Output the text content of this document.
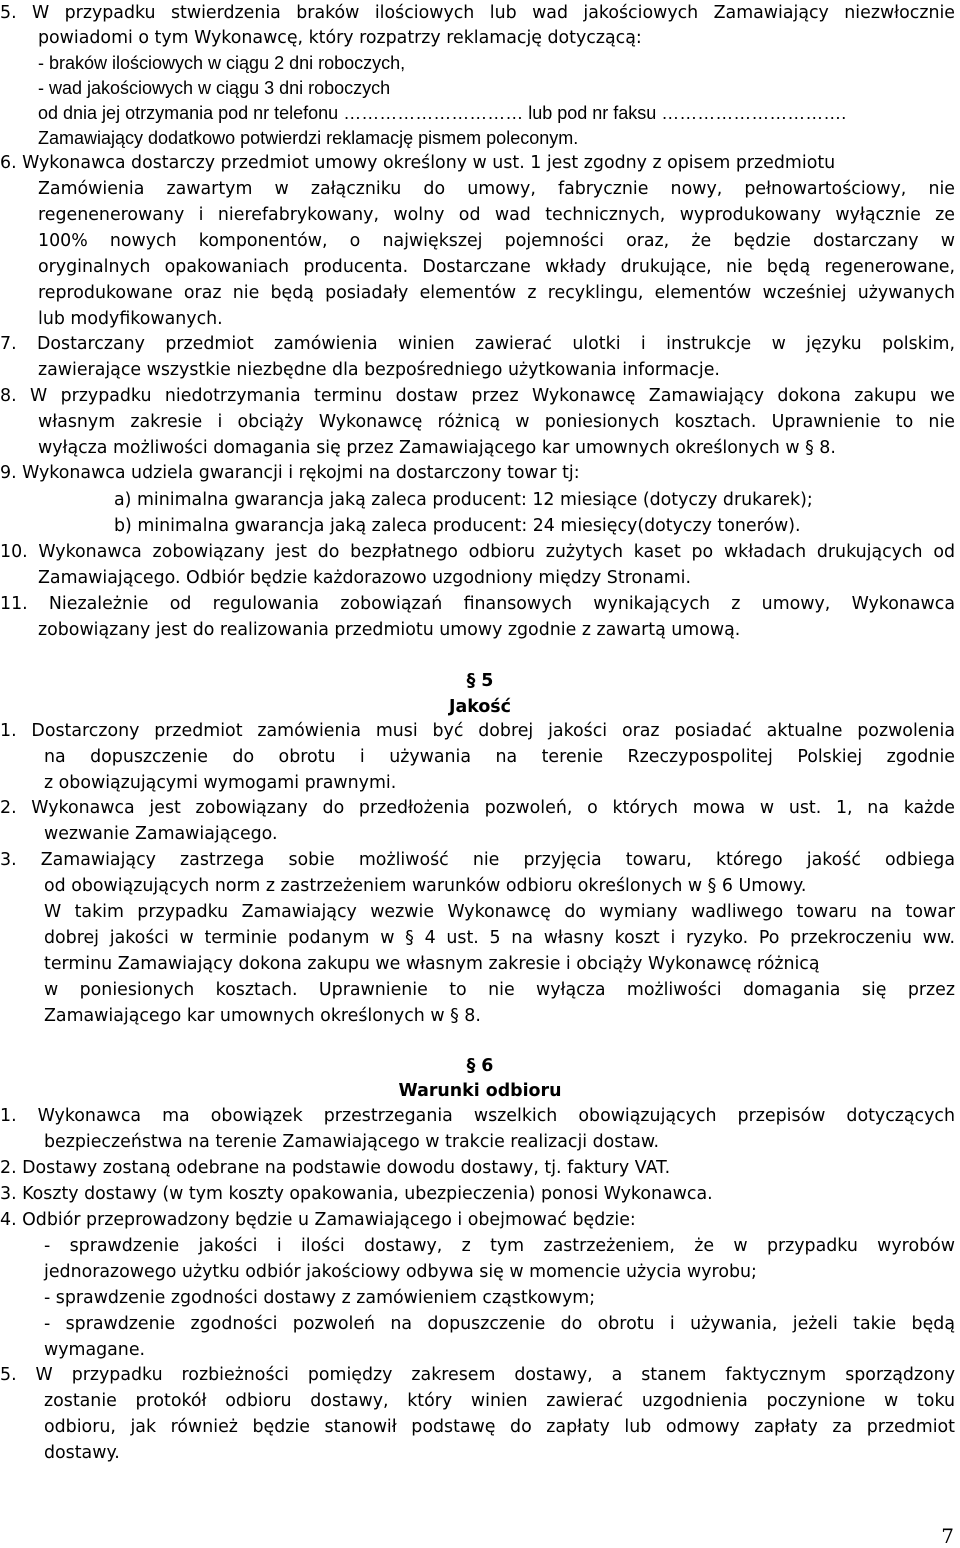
5. W przypadku stwierdzenia braków ilościowych lub wad jakościowych Zamawiający niezwłocznie
powiadomi o tym Wykonawcę, który rozpatrzy reklamację dotyczącą:
- braków ilościowych w ciągu 2 dni roboczych,
- wad jakościowych w ciągu 3 dni roboczych
od dnia jej otrzymania pod nr telefonu ………………………… lub pod nr faksu ………………………….
Zamawiający dodatkowo potwierdzi reklamację pismem poleconym.
6. Wykonawca dostarczy przedmiot umowy określony w ust. 1 jest zgodny z opisem przedmiotu
Zamówienia zawartym w załączniku do umowy, fabrycznie nowy, pełnowartościowy, nie
regenenerowany i nierefabrykowany, wolny od wad technicznych, wyprodukowany wyłącznie ze
100% nowych komponentów, o największej pojemności oraz, że będzie dostarczany w
oryginalnych opakowaniach producenta. Dostarczane wkłady drukujące, nie będą regenerowane,
reprodukowane oraz nie będą posiadały elementów z recyklingu, elementów wcześniej używanych
lub modyfikowanych.
7. Dostarczany przedmiot zamówienia winien zawierać ulotki i instrukcje w języku polskim,
zawierające wszystkie niezbędne dla bezpośredniego użytkowania informacje.
8. W przypadku niedotrzymania terminu dostaw przez Wykonawcę Zamawiający dokona zakupu we
własnym zakresie i obciąży Wykonawcę różnicą w poniesionych kosztach. Uprawnienie to nie
wyłącza możliwości domagania się przez Zamawiającego kar umownych określonych w § 8.
9. Wykonawca udziela gwarancji i rękojmi na dostarczony towar tj:
a) minimalna gwarancja jaką zaleca producent: 12 miesiące (dotyczy drukarek);
b) minimalna gwarancja jaką zaleca producent: 24 miesięcy(dotyczy tonerów).
10. Wykonawca zobowiązany jest do bezpłatnego odbioru zużytych kaset po wkładach drukujących od
Zamawiającego. Odbiór będzie każdorazowo uzgodniony między Stronami.
11. Niezależnie od regulowania zobowiązań finansowych wynikających z umowy, Wykonawca
zobowiązany jest do realizowania przedmiotu umowy zgodnie z zawartą umową.
§ 5
Jakość
1. Dostarczony przedmiot zamówienia musi być dobrej jakości oraz posiadać aktualne pozwolenia
na dopuszczenie do obrotu i używania na terenie Rzeczypospolitej Polskiej zgodnie
z obowiązującymi wymogami prawnymi.
2. Wykonawca jest zobowiązany do przedłożenia pozwoleń, o których mowa w ust. 1, na każde
wezwanie Zamawiającego.
3. Zamawiający zastrzega sobie możliwość nie przyjęcia towaru, którego jakość odbiega
od obowiązujących norm z zastrzeżeniem warunków odbioru określonych w § 6 Umowy.
W takim przypadku Zamawiający wezwie Wykonawcę do wymiany wadliwego towaru na towar
dobrej jakości w terminie podanym w § 4 ust. 5 na własny koszt i ryzyko. Po przekroczeniu ww.
terminu Zamawiający dokona zakupu we własnym zakresie i obciąży Wykonawcę różnicą
w poniesionych kosztach. Uprawnienie to nie wyłącza możliwości domagania się przez
Zamawiającego kar umownych określonych w § 8.
§ 6
Warunki odbioru
1. Wykonawca ma obowiązek przestrzegania wszelkich obowiązujących przepisów dotyczących
bezpieczeństwa na terenie Zamawiającego w trakcie realizacji dostaw.
2. Dostawy zostaną odebrane na podstawie dowodu dostawy, tj. faktury VAT.
3. Koszty dostawy (w tym koszty opakowania, ubezpieczenia) ponosi Wykonawca.
4. Odbiór przeprowadzony będzie u Zamawiającego i obejmować będzie:
- sprawdzenie jakości i ilości dostawy, z tym zastrzeżeniem, że w przypadku wyrobów
jednorazowego użytku odbiór jakościowy odbywa się w momencie użycia wyrobu;
- sprawdzenie zgodności dostawy z zamówieniem cząstkowym;
- sprawdzenie zgodności pozwoleń na dopuszczenie do obrotu i używania, jeżeli takie będą
wymagane.
5. W przypadku rozbieżności pomiędzy zakresem dostawy, a stanem faktycznym sporządzony
zostanie protokół odbioru dostawy, który winien zawierać uzgodnienia poczynione w toku
odbioru, jak również będzie stanowił podstawę do zapłaty lub odmowy zapłaty za przedmiot
dostawy.
7
